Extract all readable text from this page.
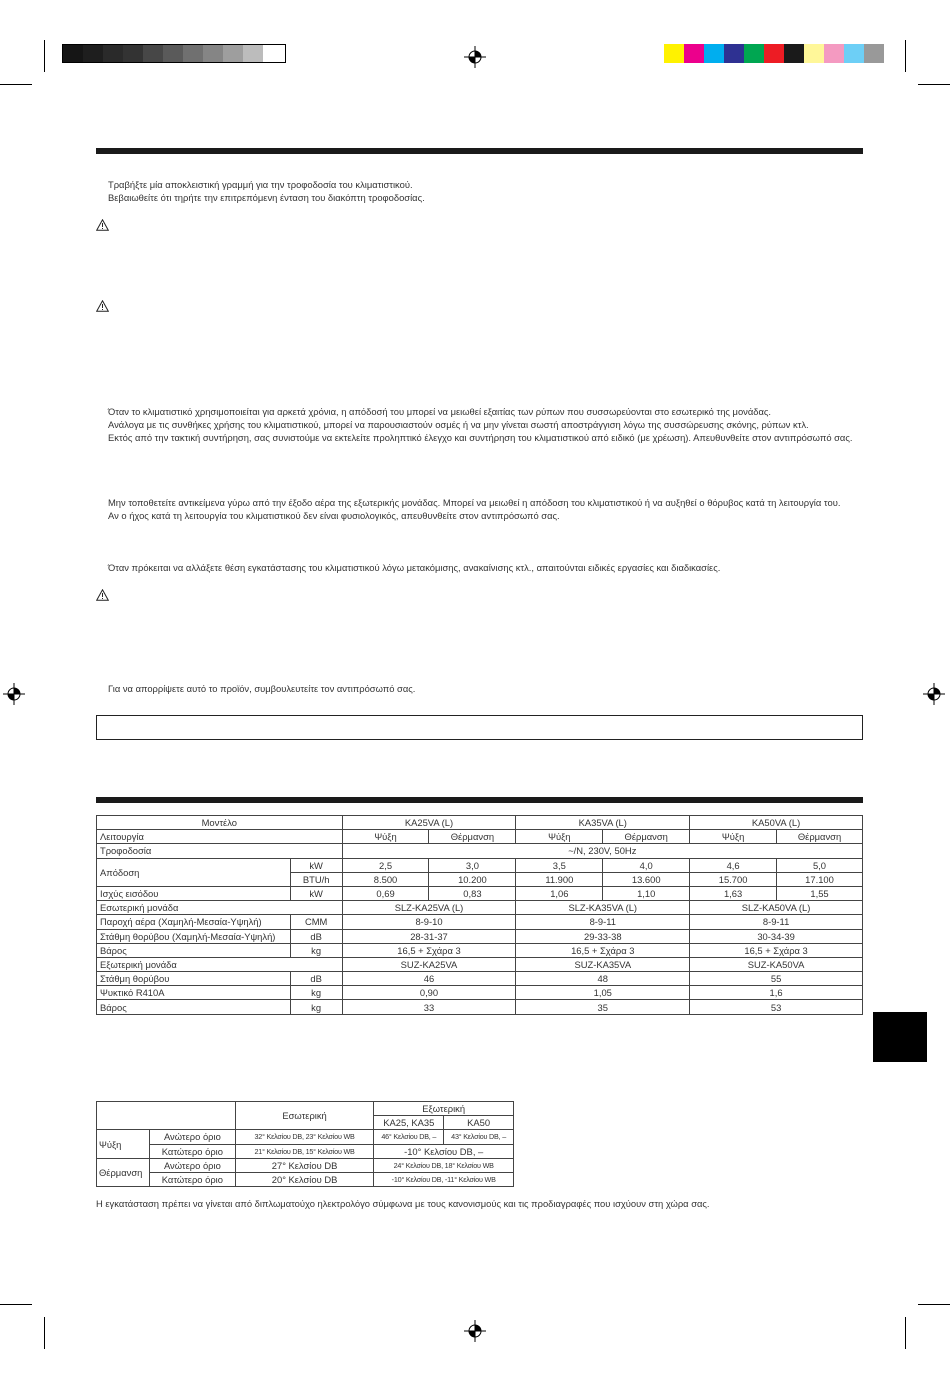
Τραβήξτε μία αποκλειστική γραμμή για την τροφοδοσία του κλιματιστικού.

Βεβαιωθείτε ότι τηρήτε την επιτρεπόμενη ένταση του διακόπτη τροφοδοσίας.

Όταν το κλιματιστικό χρησιμοποιείται για αρκετά χρόνια, η απόδοσή του μπορεί να μειωθεί εξαιτίας των ρύπων που συσσωρεύονται στο εσωτερικό της μονάδας.

Ανάλογα με τις συνθήκες χρήσης του κλιματιστικού, μπορεί να παρουσιαστούν οσμές ή να μην γίνεται σωστή αποστράγγιση λόγω της συσσώρευσης σκόνης, ρύπων κτλ.

Εκτός από την τακτική συντήρηση, σας συνιστούμε να εκτελείτε προληπτικό έλεγχο και συντήρηση του κλιματιστικού από ειδικό (με χρέωση). Απευθυνθείτε στον αντιπρόσωπό σας.

Μην τοποθετείτε αντικείμενα γύρω από την έξοδο αέρα της εξωτερικής μονάδας. Μπορεί να μειωθεί η απόδοση του κλιματιστικού ή να αυξηθεί ο θόρυβος κατά τη λειτουργία του.

Αν ο ήχος κατά τη λειτουργία του κλιματιστικού δεν είναι φυσιολογικός, απευθυνθείτε στον αντιπρόσωπό σας.

Όταν πρόκειται να αλλάξετε θέση εγκατάστασης του κλιματιστικού λόγω μετακόμισης, ανακαίνισης κτλ., απαιτούνται ειδικές εργασίες και διαδικασίες.

Για να απορρίψετε αυτό το προϊόν, συμβουλευτείτε τον αντιπρόσωπό σας.

Μοντέλο		KA25VA (L)		KA35VA (L)		KA50VA (L)	
Λειτουργία		Ψύξη	Θέρμανση	Ψύξη	Θέρμανση	Ψύξη	Θέρμανση
Τροφοδοσία		~/N, 230V, 50Hz					
Απόδοση	kW	2,5	3,0	3,5	4,0	4,6	5,0
	BTU/h	8.500	10.200	11.900	13.600	15.700	17.100
Ισχύς εισόδου	kW	0,69	0,83	1,06	1,10	1,63	1,55
Εσωτερική μονάδα		SLZ-KA25VA (L)		SLZ-KA35VA (L)		SLZ-KA50VA (L)	
Παροχή αέρα (Χαμηλή-Μεσαία-Υψηλή)	CMM	8-9-10		8-9-11		8-9-11	
Στάθμη θορύβου (Χαμηλή-Μεσαία-Υψηλή)	dB	28-31-37		29-33-38		30-34-39	
Βάρος	kg	16,5 + Σχάρα 3		16,5 + Σχάρα 3		16,5 + Σχάρα 3	
Εξωτερική μονάδα		SUZ-KA25VA		SUZ-KA35VA		SUZ-KA50VA	
Στάθμη θορύβου	dB	46		48		55	
Ψυκτικό R410A	kg	0,90		1,05		1,6	
Βάρος	kg	33		35		53	
		Εσωτερική	Εξωτερική	
			KA25, KA35	KA50
Ψύξη	Ανώτερο όριο	32° Κελσίου DB, 23° Κελσίου WB	46° Κελσίου DB, –	43° Κελσίου DB, –
	Κατώτερο όριο	21° Κελσίου DB, 15° Κελσίου WB	-10° Κελσίου DB, –	
Θέρμανση	Ανώτερο όριο	27° Κελσίου DB	24° Κελσίου DB, 18° Κελσίου WB	
	Κατώτερο όριο	20° Κελσίου DB	-10° Κελσίου DB, -11° Κελσίου WB	

Η εγκατάσταση πρέπει να γίνεται από διπλωματούχο ηλεκτρολόγο σύμφωνα με τους κανονισμούς και τις προδιαγραφές που ισχύουν στη χώρα σας.
